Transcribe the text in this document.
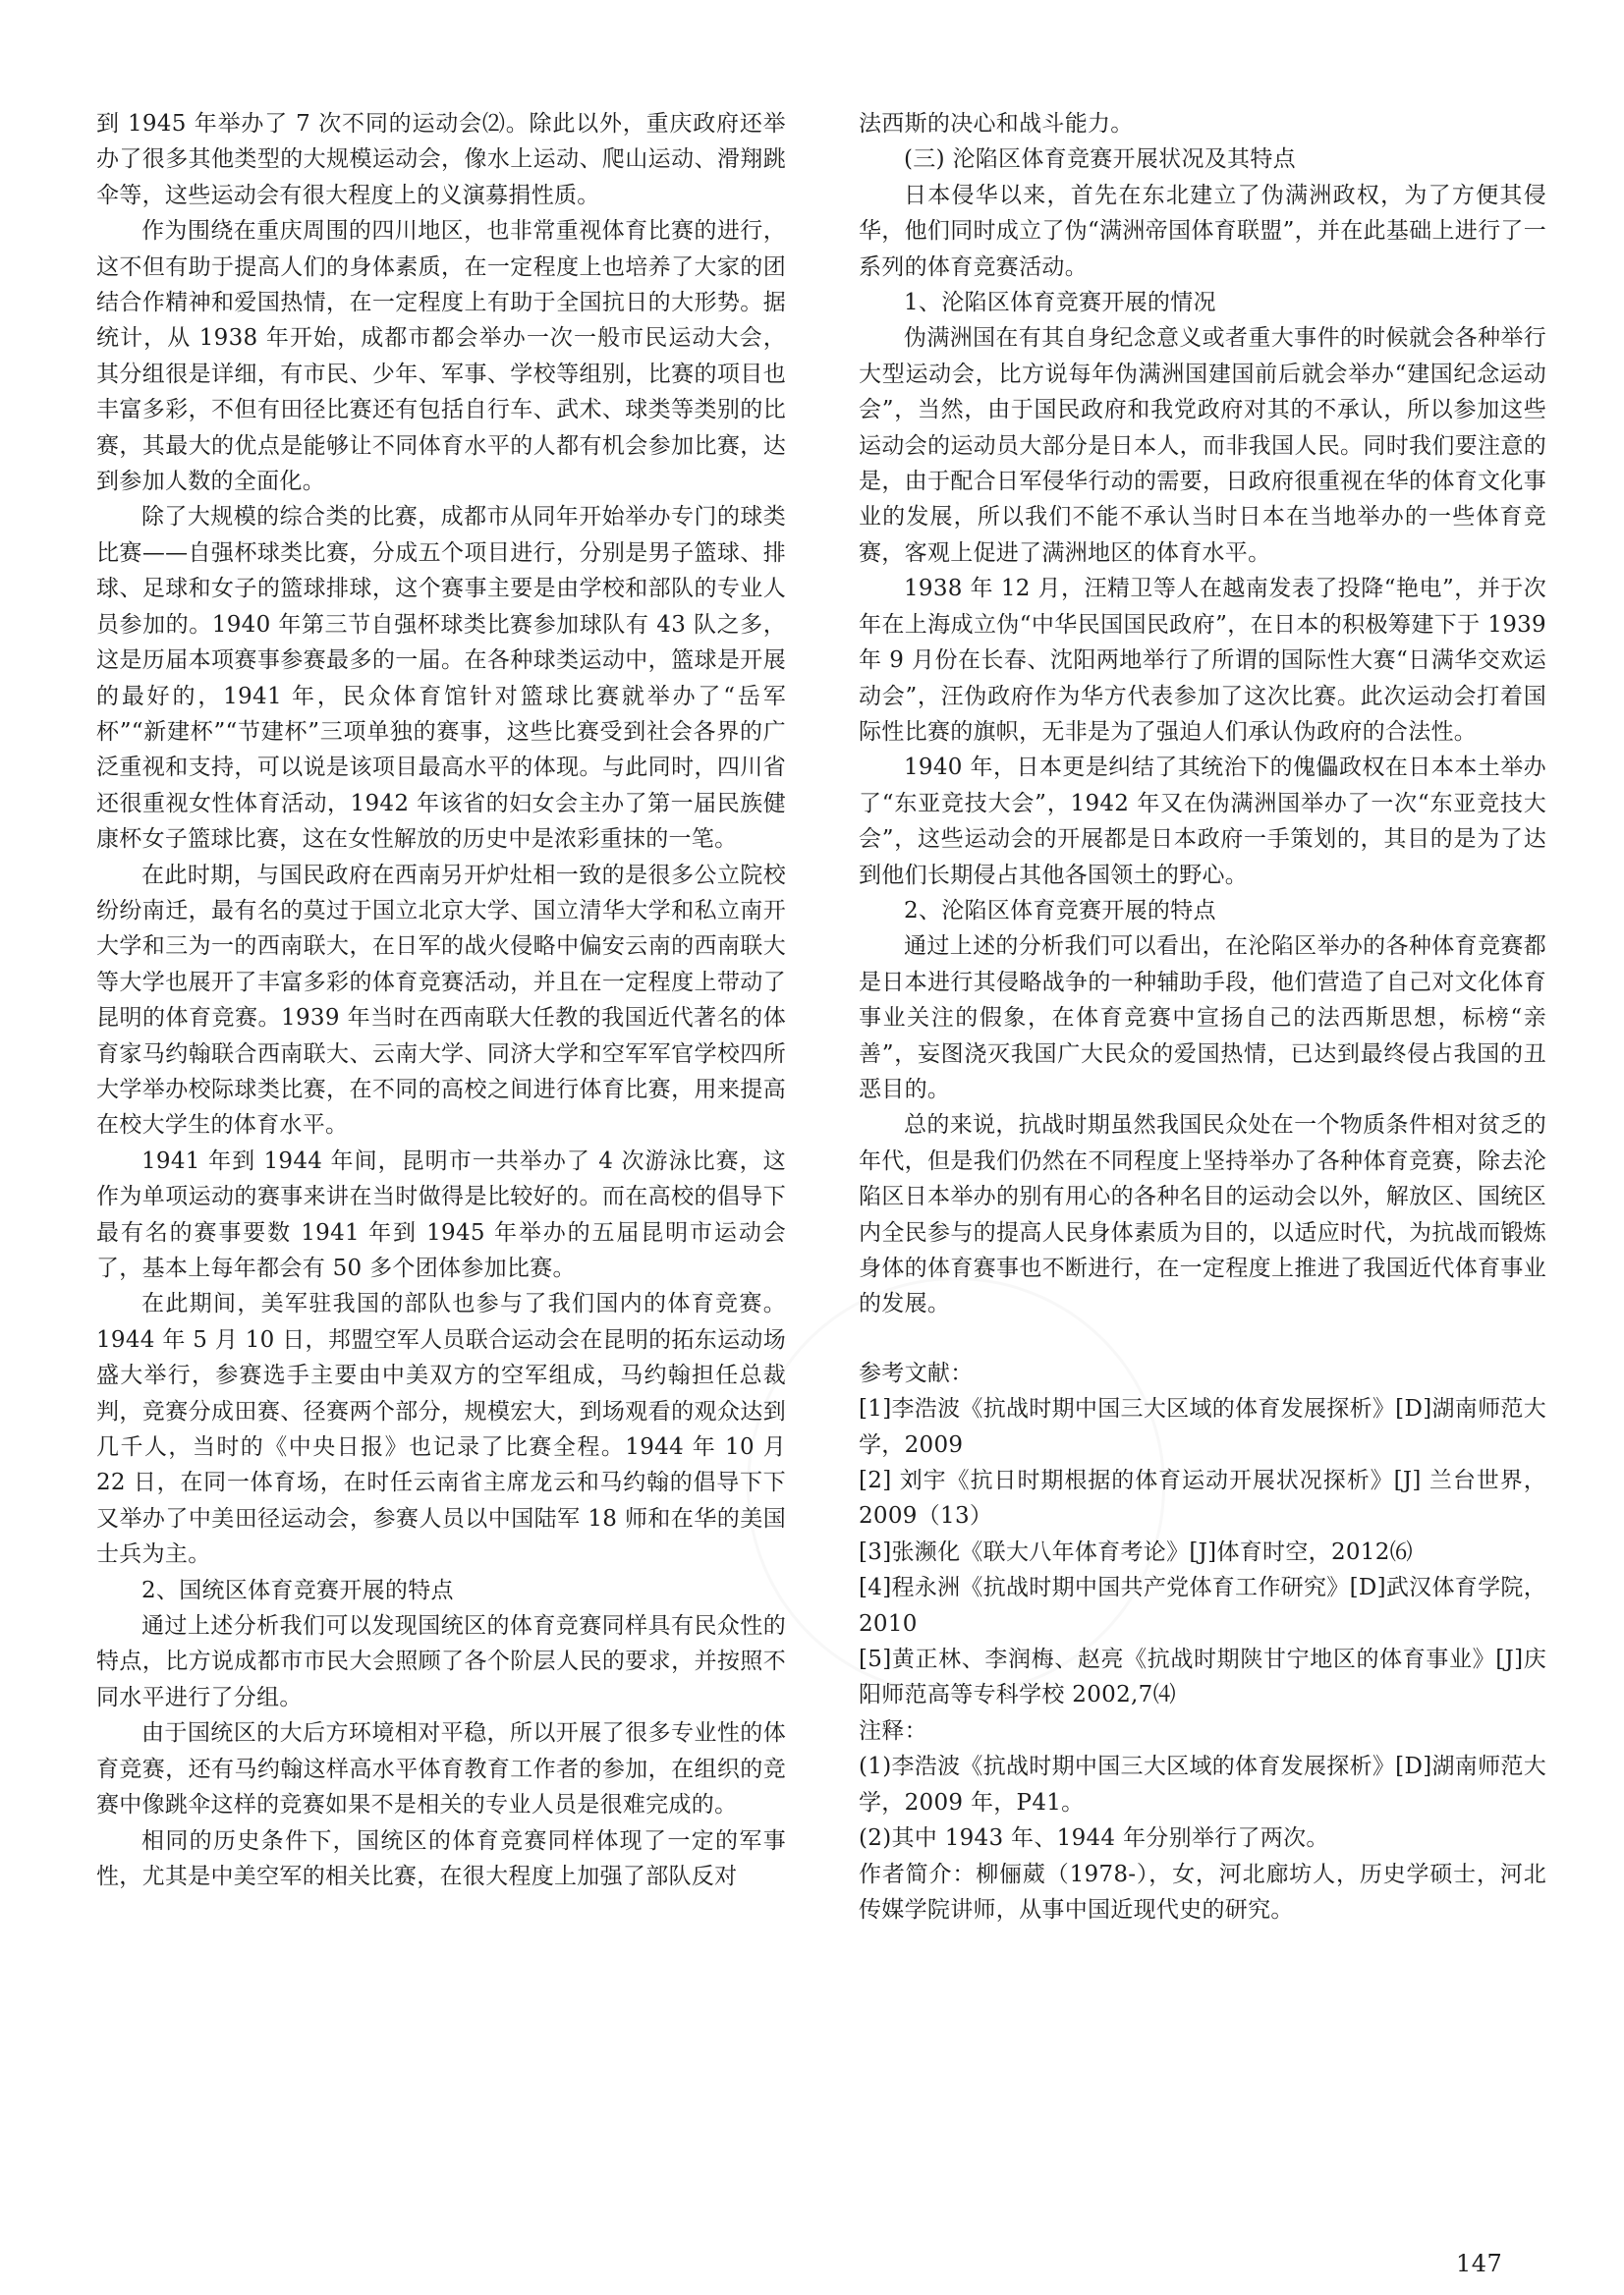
到 1945 年举办了 7 次不同的运动会⑵。除此以外，重庆政府还举办了很多其他类型的大规模运动会，像水上运动、爬山运动、滑翔跳伞等，这些运动会有很大程度上的义演募捐性质。

作为围绕在重庆周围的四川地区，也非常重视体育比赛的进行，这不但有助于提高人们的身体素质，在一定程度上也培养了大家的团结合作精神和爱国热情，在一定程度上有助于全国抗日的大形势。据统计，从 1938 年开始，成都市都会举办一次一般市民运动大会，其分组很是详细，有市民、少年、军事、学校等组别，比赛的项目也丰富多彩，不但有田径比赛还有包括自行车、武术、球类等类别的比赛，其最大的优点是能够让不同体育水平的人都有机会参加比赛，达到参加人数的全面化。

除了大规模的综合类的比赛，成都市从同年开始举办专门的球类比赛——自强杯球类比赛，分成五个项目进行，分别是男子篮球、排球、足球和女子的篮球排球，这个赛事主要是由学校和部队的专业人员参加的。1940 年第三节自强杯球类比赛参加球队有 43 队之多，这是历届本项赛事参赛最多的一届。在各种球类运动中，篮球是开展的最好的，1941 年，民众体育馆针对篮球比赛就举办了“岳军杯”“新建杯”“节建杯”三项单独的赛事，这些比赛受到社会各界的广泛重视和支持，可以说是该项目最高水平的体现。与此同时，四川省还很重视女性体育活动，1942 年该省的妇女会主办了第一届民族健康杯女子篮球比赛，这在女性解放的历史中是浓彩重抹的一笔。

在此时期，与国民政府在西南另开炉灶相一致的是很多公立院校纷纷南迁，最有名的莫过于国立北京大学、国立清华大学和私立南开大学和三为一的西南联大，在日军的战火侵略中偏安云南的西南联大等大学也展开了丰富多彩的体育竞赛活动，并且在一定程度上带动了昆明的体育竞赛。1939 年当时在西南联大任教的我国近代著名的体育家马约翰联合西南联大、云南大学、同济大学和空军军官学校四所大学举办校际球类比赛，在不同的高校之间进行体育比赛，用来提高在校大学生的体育水平。

1941 年到 1944 年间，昆明市一共举办了 4 次游泳比赛，这作为单项运动的赛事来讲在当时做得是比较好的。而在高校的倡导下最有名的赛事要数 1941 年到 1945 年举办的五届昆明市运动会了，基本上每年都会有 50 多个团体参加比赛。

在此期间，美军驻我国的部队也参与了我们国内的体育竞赛。1944 年 5 月 10 日，邦盟空军人员联合运动会在昆明的拓东运动场盛大举行，参赛选手主要由中美双方的空军组成，马约翰担任总裁判，竞赛分成田赛、径赛两个部分，规模宏大，到场观看的观众达到几千人，当时的《中央日报》也记录了比赛全程。1944 年 10 月 22 日，在同一体育场，在时任云南省主席龙云和马约翰的倡导下下又举办了中美田径运动会，参赛人员以中国陆军 18 师和在华的美国士兵为主。

2、国统区体育竞赛开展的特点

通过上述分析我们可以发现国统区的体育竞赛同样具有民众性的特点，比方说成都市市民大会照顾了各个阶层人民的要求，并按照不同水平进行了分组。

由于国统区的大后方环境相对平稳，所以开展了很多专业性的体育竞赛，还有马约翰这样高水平体育教育工作者的参加，在组织的竞赛中像跳伞这样的竞赛如果不是相关的专业人员是很难完成的。

相同的历史条件下，国统区的体育竞赛同样体现了一定的军事性，尤其是中美空军的相关比赛，在很大程度上加强了部队反对

法西斯的决心和战斗能力。

(三) 沦陷区体育竞赛开展状况及其特点

日本侵华以来，首先在东北建立了伪满洲政权，为了方便其侵华，他们同时成立了伪“满洲帝国体育联盟”，并在此基础上进行了一系列的体育竞赛活动。

1、沦陷区体育竞赛开展的情况

伪满洲国在有其自身纪念意义或者重大事件的时候就会各种举行大型运动会，比方说每年伪满洲国建国前后就会举办“建国纪念运动会”，当然，由于国民政府和我党政府对其的不承认，所以参加这些运动会的运动员大部分是日本人，而非我国人民。同时我们要注意的是，由于配合日军侵华行动的需要，日政府很重视在华的体育文化事业的发展，所以我们不能不承认当时日本在当地举办的一些体育竞赛，客观上促进了满洲地区的体育水平。

1938 年 12 月，汪精卫等人在越南发表了投降“艳电”，并于次年在上海成立伪“中华民国国民政府”，在日本的积极筹建下于 1939 年 9 月份在长春、沈阳两地举行了所谓的国际性大赛“日满华交欢运动会”，汪伪政府作为华方代表参加了这次比赛。此次运动会打着国际性比赛的旗帜，无非是为了强迫人们承认伪政府的合法性。

1940 年，日本更是纠结了其统治下的傀儡政权在日本本土举办了“东亚竞技大会”，1942 年又在伪满洲国举办了一次“东亚竞技大会”，这些运动会的开展都是日本政府一手策划的，其目的是为了达到他们长期侵占其他各国领土的野心。

2、沦陷区体育竞赛开展的特点

通过上述的分析我们可以看出，在沦陷区举办的各种体育竞赛都是日本进行其侵略战争的一种辅助手段，他们营造了自己对文化体育事业关注的假象，在体育竞赛中宣扬自己的法西斯思想，标榜“亲善”，妄图浇灭我国广大民众的爱国热情，已达到最终侵占我国的丑恶目的。

总的来说，抗战时期虽然我国民众处在一个物质条件相对贫乏的年代，但是我们仍然在不同程度上坚持举办了各种体育竞赛，除去沦陷区日本举办的别有用心的各种名目的运动会以外，解放区、国统区内全民参与的提高人民身体素质为目的，以适应时代，为抗战而锻炼身体的体育赛事也不断进行，在一定程度上推进了我国近代体育事业的发展。

参考文献：

[1]李浩波《抗战时期中国三大区域的体育发展探析》[D]湖南师范大学，2009

[2] 刘宇《抗日时期根据的体育运动开展状况探析》[J] 兰台世界，2009（13）

[3]张濒化《联大八年体育考论》[J]体育时空，2012⑹

[4]程永洲《抗战时期中国共产党体育工作研究》[D]武汉体育学院，2010

[5]黄正林、李润梅、赵亮《抗战时期陕甘宁地区的体育事业》[J]庆阳师范高等专科学校 2002,7⑷

注释：

(1)李浩波《抗战时期中国三大区域的体育发展探析》[D]湖南师范大学，2009 年，P41。

(2)其中 1943 年、1944 年分别举行了两次。

作者简介：柳俪葳（1978-），女，河北廊坊人，历史学硕士，河北传媒学院讲师，从事中国近现代史的研究。

147
